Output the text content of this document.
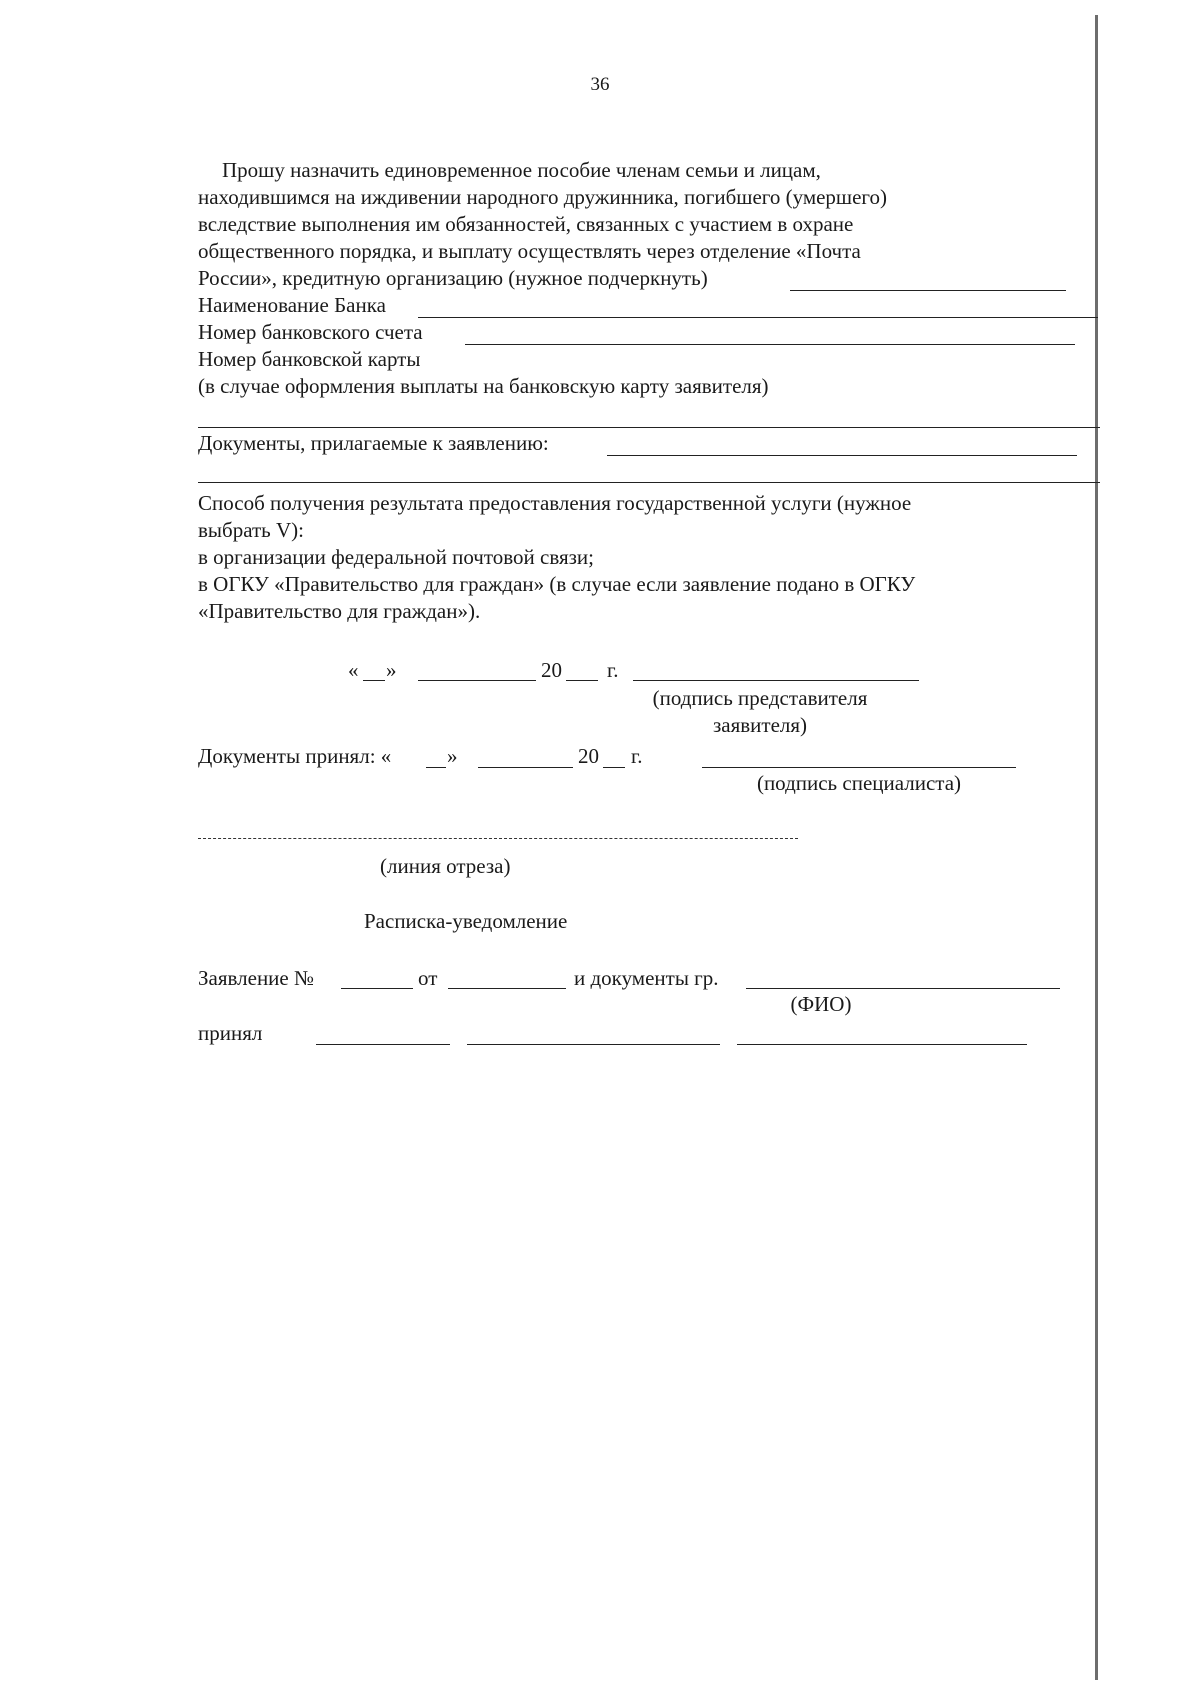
36
Прошу назначить единовременное пособие членам семьи и лицам,
находившимся на иждивении народного дружинника, погибшего (умершего)
вследствие выполнения им обязанностей, связанных с участием в охране
общественного порядка, и выплату осуществлять через отделение «Почта
России», кредитную организацию (нужное подчеркнуть)
Наименование Банка
Номер банковского счета
Номер банковской карты
(в случае оформления выплаты на банковскую карту заявителя)
Документы, прилагаемые к заявлению:
Способ получения результата предоставления государственной услуги (нужное
выбрать V):
в организации федеральной почтовой связи;
в ОГКУ «Правительство для граждан» (в случае если заявление подано в ОГКУ
«Правительство для граждан»).
« »	20 г.
(подпись представителя
заявителя)
Документы принял: «	»	20 г.
(подпись специалиста)
(линия отреза)
Расписка-уведомление
Заявление №	от	и документы гр.
(ФИО)
принял
